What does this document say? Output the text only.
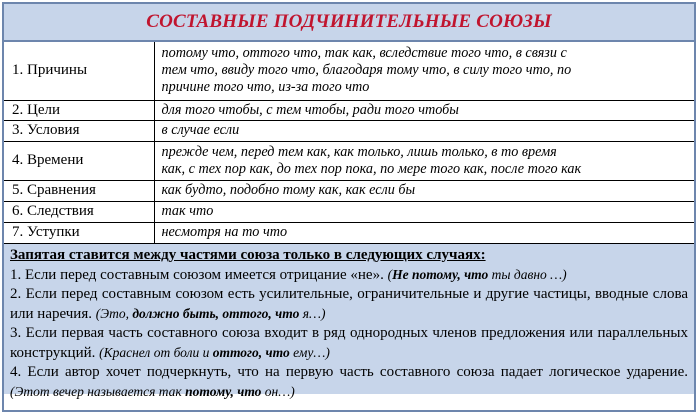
СОСТАВНЫЕ ПОДЧИНИТЕЛЬНЫЕ СОЮЗЫ
1. Причины	потому что, оттого что, так как, вследствие того что, в связи с
тем что, ввиду того что, благодаря тому что, в силу того что, по
причине того что, из-за того что

2. Цели	для того чтобы, с тем чтобы, ради того чтобы

3. Условия	в случае если

4. Времени	прежде чем, перед тем как, как только, лишь только, в то время
как, с тех пор как, до тех пор пока, по мере того как, после того как

5. Сравнения	как будто, подобно тому как, как если бы

6. Следствия	так что

7. Уступки	несмотря на то что
Запятая ставится между частями союза только в следующих случаях:
1. Если перед составным союзом имеется отрицание «не». (Не потому, что ты давно …)
2. Если перед составным союзом есть усилительные, ограничительные и другие частицы, вводные слова или наречия. (Это, должно быть, оттого, что я…)
3. Если первая часть составного союза входит в ряд однородных членов предложения или параллельных конструкций. (Краснел от боли и оттого, что ему…)
4. Если автор хочет подчеркнуть, что на первую часть составного союза падает логическое ударение. (Этот вечер называется так потому, что он…)
